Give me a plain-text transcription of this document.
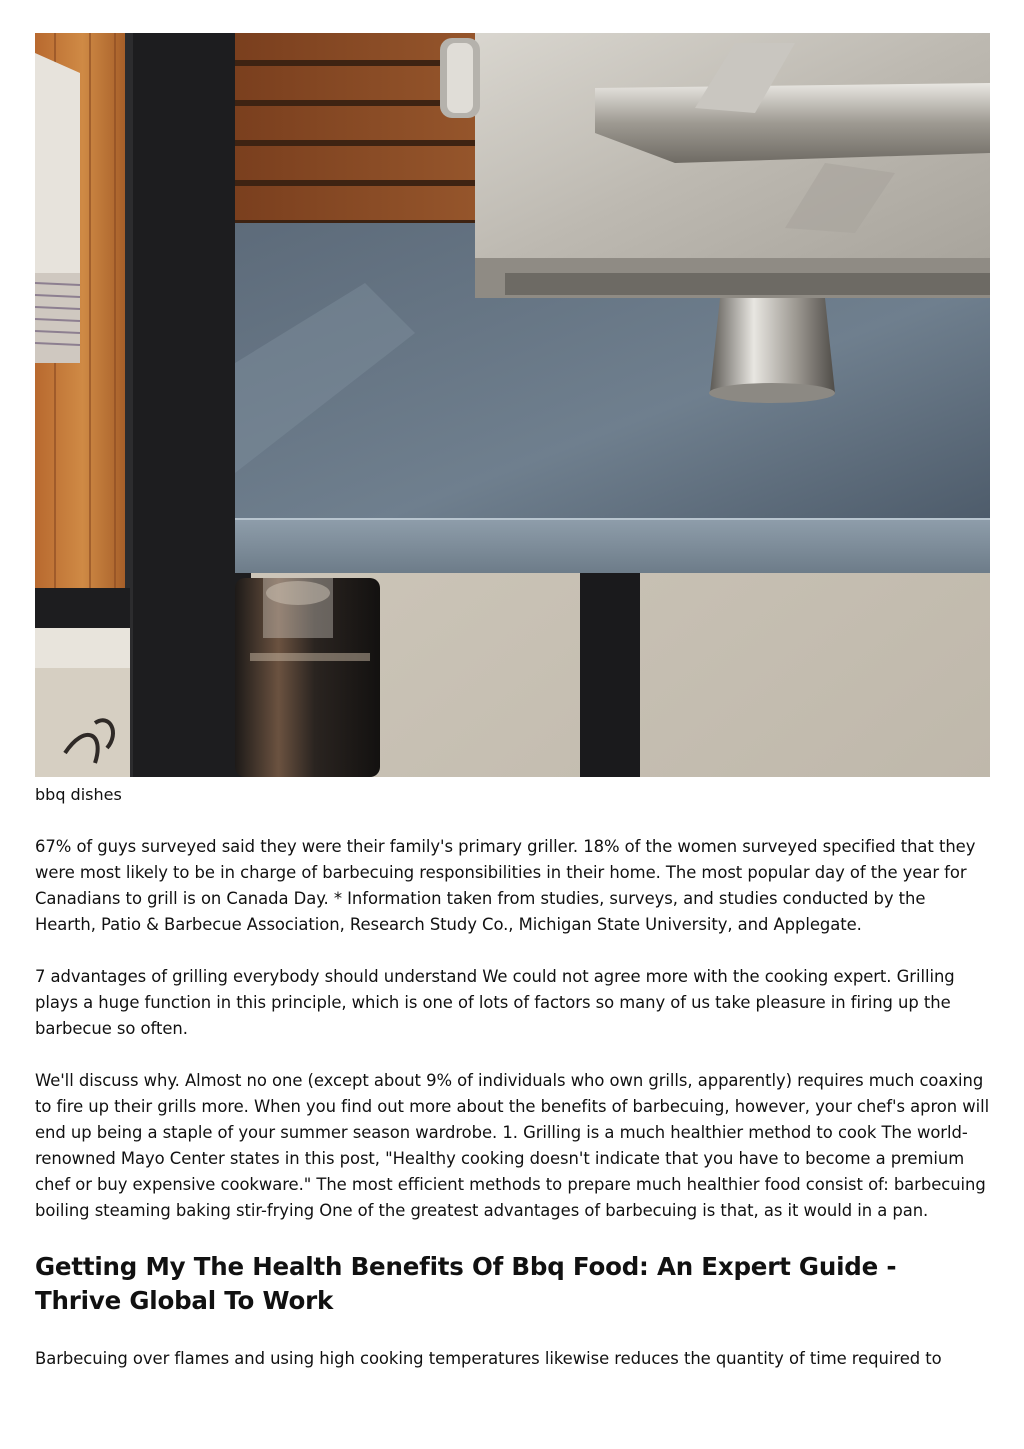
bbq dishes

67% of guys surveyed said they were their family's primary griller. 18% of the women surveyed specified that they were most likely to be in charge of barbecuing responsibilities in their home. The most popular day of the year for Canadians to grill is on Canada Day. * Information taken from studies, surveys, and studies conducted by the Hearth, Patio & Barbecue Association, Research Study Co., Michigan State University, and Applegate.

7 advantages of grilling everybody should understand We could not agree more with the cooking expert. Grilling plays a huge function in this principle, which is one of lots of factors so many of us take pleasure in firing up the barbecue so often.

We'll discuss why. Almost no one (except about 9% of individuals who own grills, apparently) requires much coaxing to fire up their grills more. When you find out more about the benefits of barbecuing, however, your chef's apron will end up being a staple of your summer season wardrobe. 1. Grilling is a much healthier method to cook The world-renowned Mayo Center states in this post, "Healthy cooking doesn't indicate that you have to become a premium chef or buy expensive cookware." The most efficient methods to prepare much healthier food consist of: barbecuing boiling steaming baking stir-frying One of the greatest advantages of barbecuing is that, as it would in a pan.

Getting My The Health Benefits Of Bbq Food: An Expert Guide - Thrive Global To Work

Barbecuing over flames and using high cooking temperatures likewise reduces the quantity of time required to
